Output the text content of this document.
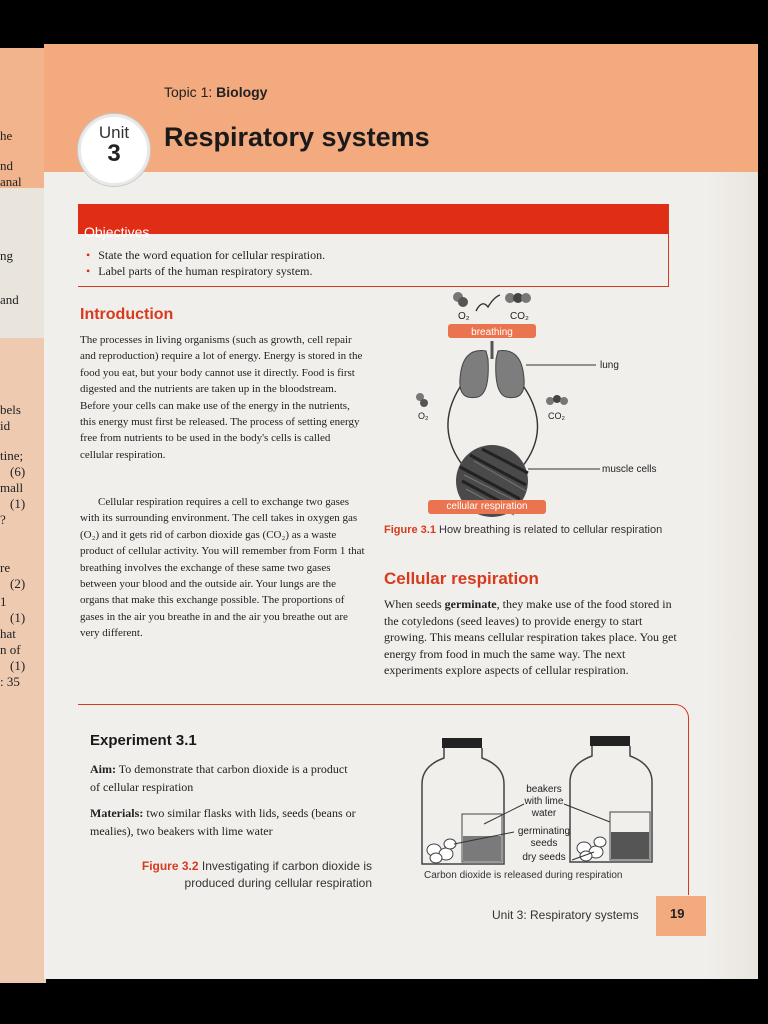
he
nd
anal
ng
and
bels
id
tine;
(6)
mall
(1)
?
re
(2)
1
(1)
hat
n of
(1)
: 35
Topic 1: Biology
Unit
3
Respiratory systems
Objectives
• State the word equation for cellular respiration.
• Label parts of the human respiratory system.
Introduction
The processes in living organisms (such as growth, cell repair and reproduction) require a lot of energy. Energy is stored in the food you eat, but your body cannot use it directly. Food is first digested and the nutrients are taken up in the bloodstream. Before your cells can make use of the energy in the nutrients, this energy must first be released. The process of setting energy free from nutrients to be used in the body's cells is called cellular respiration.
Cellular respiration requires a cell to exchange two gases with its surrounding environment. The cell takes in oxygen gas (O₂) and it gets rid of carbon dioxide gas (CO₂) as a waste product of cellular activity. You will remember from Form 1 that breathing involves the exchange of these same two gases between your blood and the outside air. Your lungs are the organs that make this exchange possible. The proportions of gases in the air you breathe in and the air you breathe out are very different.
O₂	CO₂
breathing
lung
O₂	CO₂
muscle cells
cellular respiration
Figure 3.1 How breathing is related to cellular respiration
Cellular respiration
When seeds germinate, they make use of the food stored in the cotyledons (seed leaves) to provide energy to start growing. This means cellular respiration takes place. You get energy from food in much the same way. The next experiments explore aspects of cellular respiration.
Experiment 3.1
Aim: To demonstrate that carbon dioxide is a product of cellular respiration
Materials: two similar flasks with lids, seeds (beans or mealies), two beakers with lime water
Figure 3.2 Investigating if carbon dioxide is produced during cellular respiration
beakers
with lime
water
germinating
seeds
dry seeds
Carbon dioxide is released during respiration
Unit 3: Respiratory systems 19
